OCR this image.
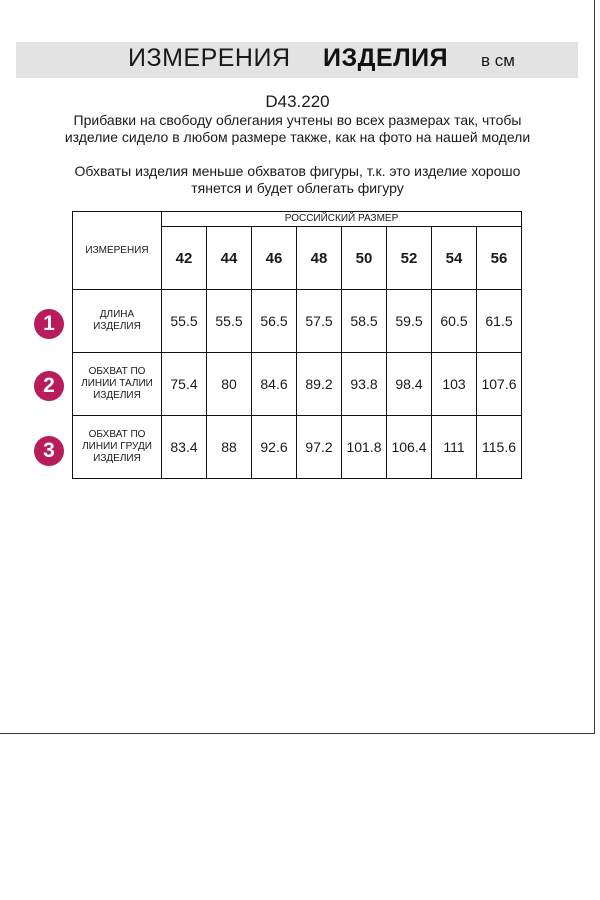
ИЗМЕРЕНИЯ ИЗДЕЛИЯ в см
D43.220
Прибавки на свободу облегания учтены во всех размерах так, чтобы изделие сидело в любом размере также, как на фото на нашей модели
Обхваты изделия меньше обхватов фигуры, т.к. это изделие хорошо тянется и будет облегать фигуру
1
2
3
ИЗМЕРЕНИЯ	РОССИЙСКИЙ РАЗМЕР							
	42	44	46	48	50	52	54	56

ДЛИНА
ИЗДЕЛИЯ	55.5	55.5	56.5	57.5	58.5	59.5	60.5	61.5

ОБХВАТ ПО
ЛИНИИ ТАЛИИ
ИЗДЕЛИЯ	75.4	80	84.6	89.2	93.8	98.4	103	107.6

ОБХВАТ ПО
ЛИНИИ ГРУДИ
ИЗДЕЛИЯ	83.4	88	92.6	97.2	101.8	106.4	111	115.6
